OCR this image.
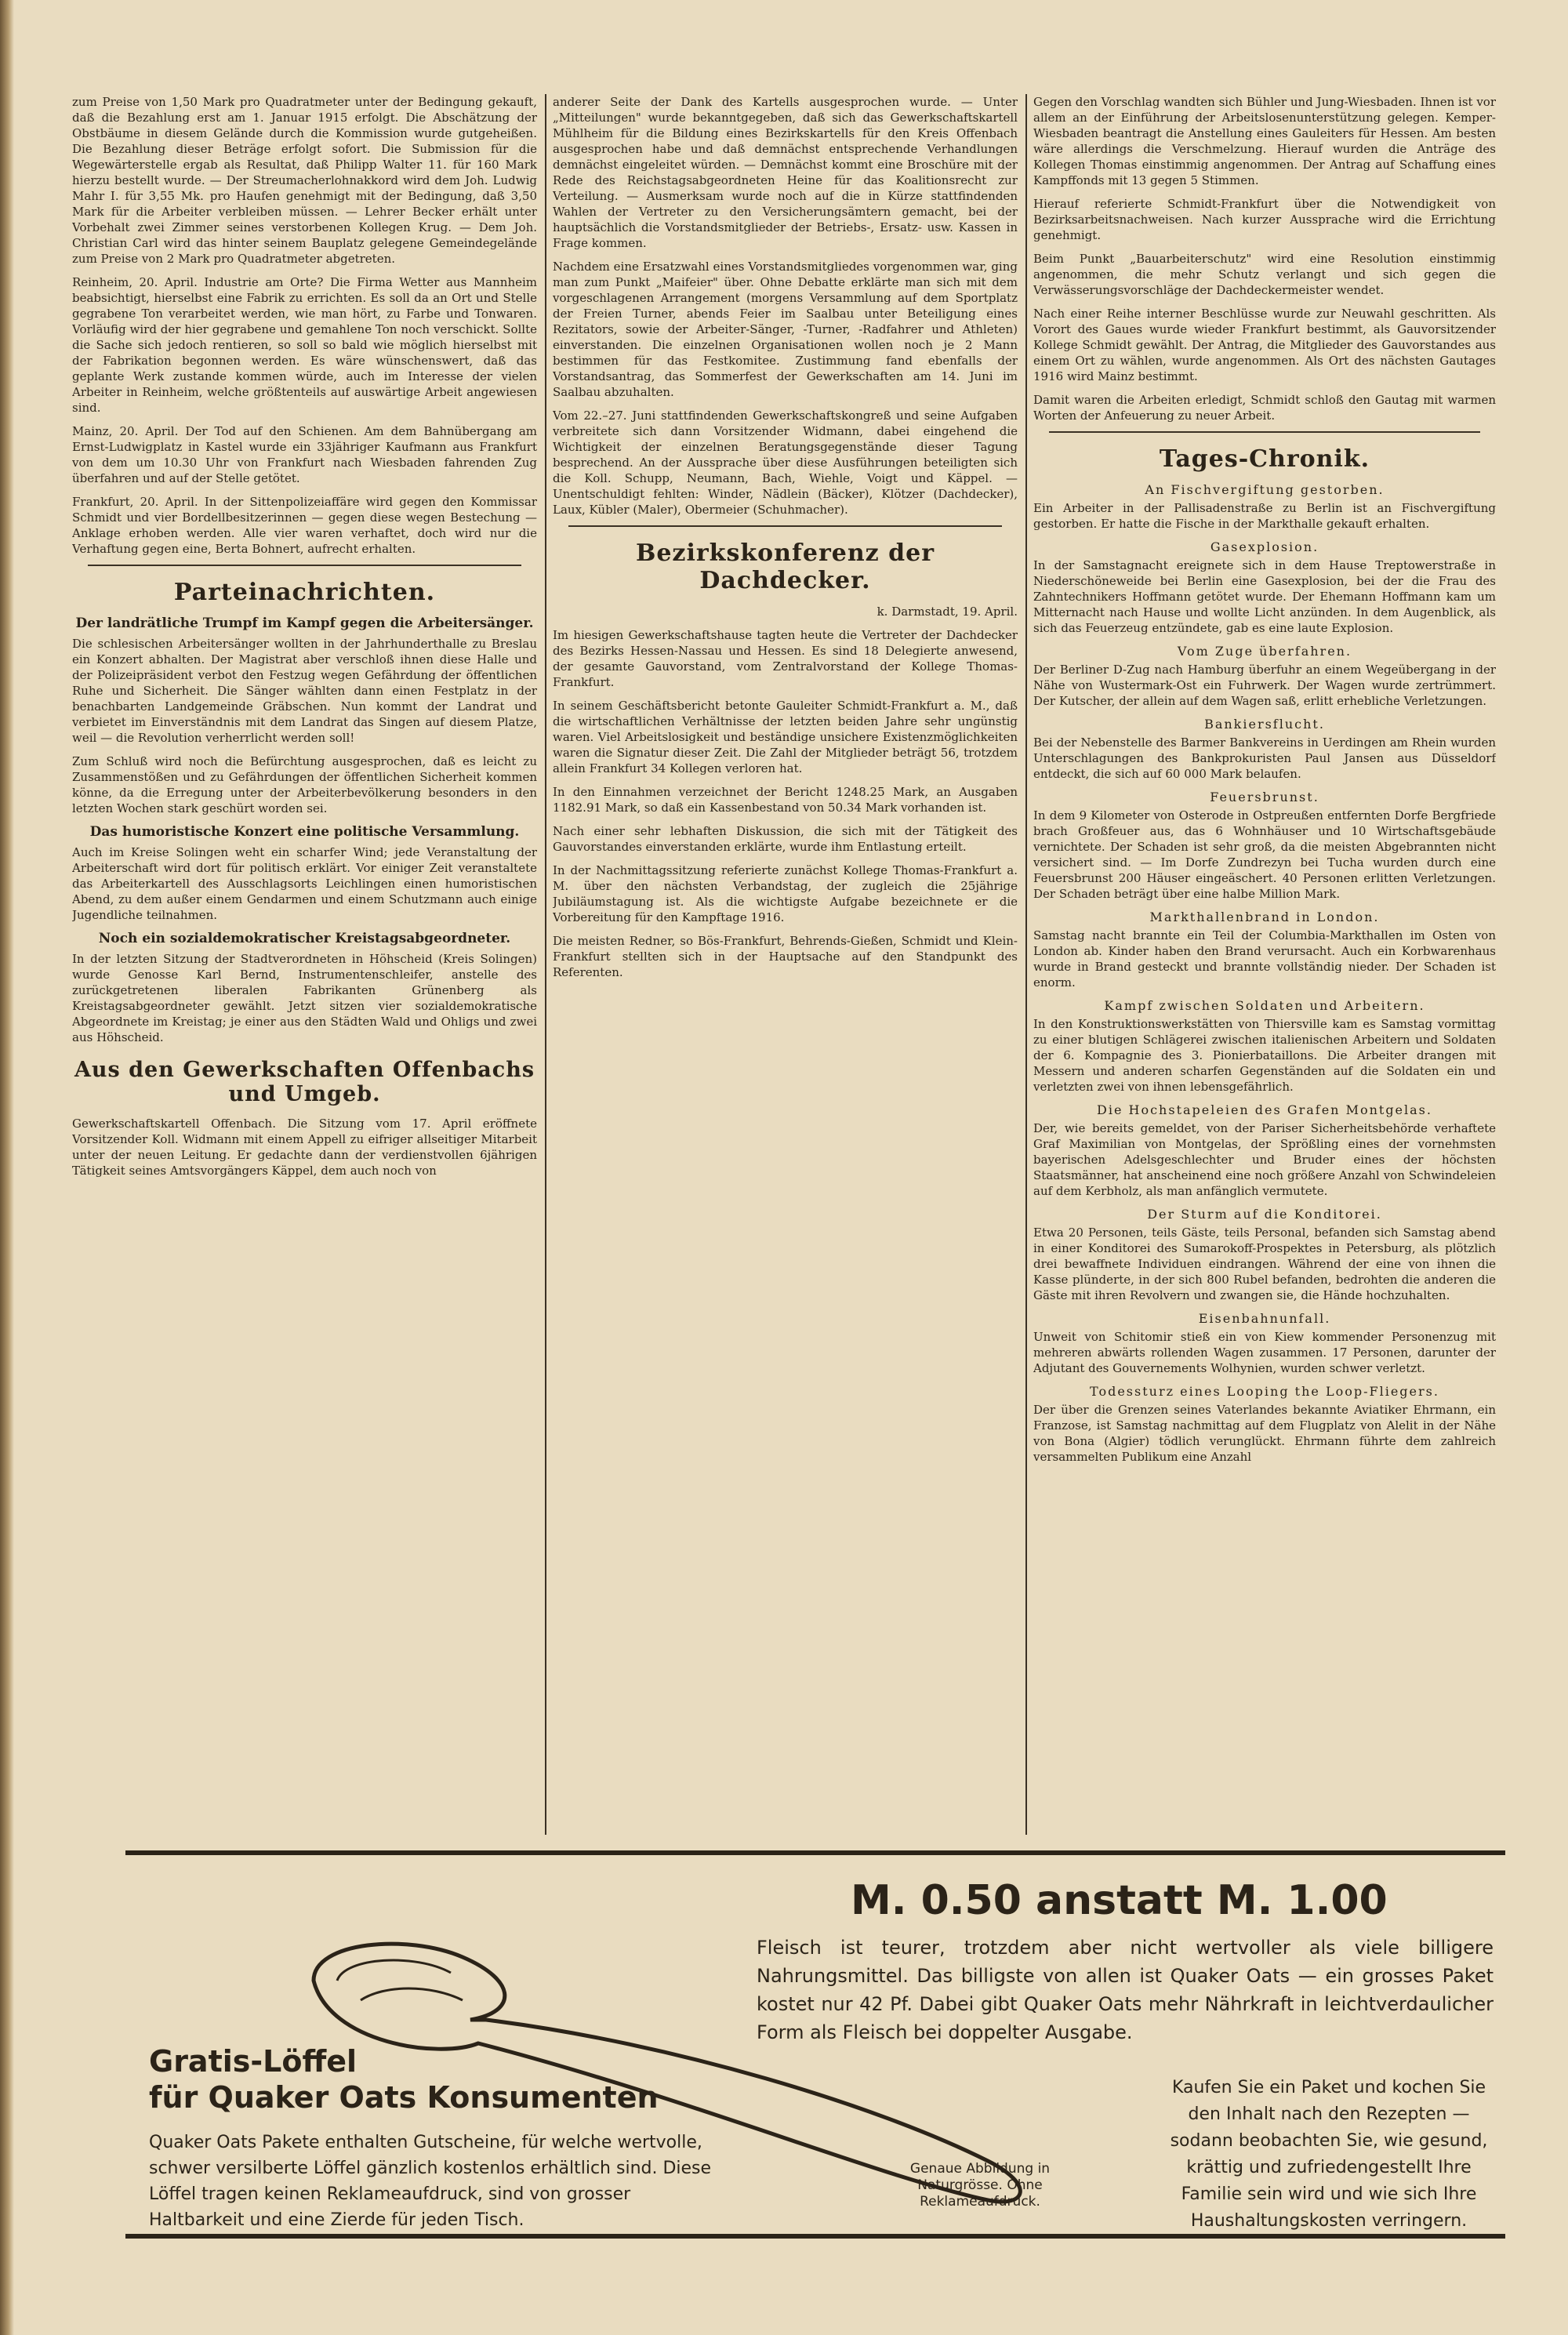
zum Preise von 1,50 Mark pro Quadratmeter unter der Bedingung gekauft, daß die Bezahlung erst am 1. Januar 1915 erfolgt. Die Abschätzung der Obstbäume in diesem Gelände durch die Kommission wurde gutgeheißen. Die Bezahlung dieser Beträge erfolgt sofort. Die Submission für die Wegewärterstelle ergab als Resultat, daß Philipp Walter 11. für 160 Mark hierzu bestellt wurde. — Der Streumacherlohnakkord wird dem Joh. Ludwig Mahr I. für 3,55 Mk. pro Haufen genehmigt mit der Bedingung, daß 3,50 Mark für die Arbeiter verbleiben müssen. — Lehrer Becker erhält unter Vorbehalt zwei Zimmer seines verstorbenen Kollegen Krug. — Dem Joh. Christian Carl wird das hinter seinem Bauplatz gelegene Gemeindegelände zum Preise von 2 Mark pro Quadratmeter abgetreten.

Reinheim, 20. April. Industrie am Orte? Die Firma Wetter aus Mannheim beabsichtigt, hierselbst eine Fabrik zu errichten. Es soll da an Ort und Stelle gegrabene Ton verarbeitet werden, wie man hört, zu Farbe und Tonwaren. Vorläufig wird der hier gegrabene und gemahlene Ton noch verschickt. Sollte die Sache sich jedoch rentieren, so soll so bald wie möglich hierselbst mit der Fabrikation begonnen werden. Es wäre wünschenswert, daß das geplante Werk zustande kommen würde, auch im Interesse der vielen Arbeiter in Reinheim, welche größtenteils auf auswärtige Arbeit angewiesen sind.

Mainz, 20. April. Der Tod auf den Schienen. Am dem Bahnübergang am Ernst-Ludwigplatz in Kastel wurde ein 33jähriger Kaufmann aus Frankfurt von dem um 10.30 Uhr von Frankfurt nach Wiesbaden fahrenden Zug überfahren und auf der Stelle getötet.

Frankfurt, 20. April. In der Sittenpolizeiaffäre wird gegen den Kommissar Schmidt und vier Bordellbesitzerinnen — gegen diese wegen Bestechung — Anklage erhoben werden. Alle vier waren verhaftet, doch wird nur die Verhaftung gegen eine, Berta Bohnert, aufrecht erhalten.

Parteinachrichten.
Der landrätliche Trumpf im Kampf gegen die Arbeitersänger.

Die schlesischen Arbeitersänger wollten in der Jahrhunderthalle zu Breslau ein Konzert abhalten. Der Magistrat aber verschloß ihnen diese Halle und der Polizeipräsident verbot den Festzug wegen Gefährdung der öffentlichen Ruhe und Sicherheit. Die Sänger wählten dann einen Festplatz in der benachbarten Landgemeinde Gräbschen. Nun kommt der Landrat und verbietet im Einverständnis mit dem Landrat das Singen auf diesem Platze, weil — die Revolution verherrlicht werden soll!

Zum Schluß wird noch die Befürchtung ausgesprochen, daß es leicht zu Zusammenstößen und zu Gefährdungen der öffentlichen Sicherheit kommen könne, da die Erregung unter der Arbeiterbevölkerung besonders in den letzten Wochen stark geschürt worden sei.

Das humoristische Konzert eine politische Versammlung.

Auch im Kreise Solingen weht ein scharfer Wind; jede Veranstaltung der Arbeiterschaft wird dort für politisch erklärt. Vor einiger Zeit veranstaltete das Arbeiterkartell des Ausschlagsorts Leichlingen einen humoristischen Abend, zu dem außer einem Gendarmen und einem Schutzmann auch einige Jugendliche teilnahmen.

Noch ein sozialdemokratischer Kreistagsabgeordneter.

In der letzten Sitzung der Stadtverordneten in Höhscheid (Kreis Solingen) wurde Genosse Karl Bernd, Instrumentenschleifer, anstelle des zurückgetretenen liberalen Fabrikanten Grünenberg als Kreistagsabgeordneter gewählt. Jetzt sitzen vier sozialdemokratische Abgeordnete im Kreistag; je einer aus den Städten Wald und Ohligs und zwei aus Höhscheid.

Aus den Gewerkschaften Offenbachs und Umgeb.

Gewerkschaftskartell Offenbach. Die Sitzung vom 17. April eröffnete Vorsitzender Koll. Widmann mit einem Appell zu eifriger allseitiger Mitarbeit unter der neuen Leitung. Er gedachte dann der verdienstvollen 6jährigen Tätigkeit seines Amtsvorgängers Käppel, dem auch noch von

anderer Seite der Dank des Kartells ausgesprochen wurde. — Unter „Mitteilungen" wurde bekanntgegeben, daß sich das Gewerkschaftskartell Mühlheim für die Bildung eines Bezirkskartells für den Kreis Offenbach ausgesprochen habe und daß demnächst entsprechende Verhandlungen demnächst eingeleitet würden. — Demnächst kommt eine Broschüre mit der Rede des Reichstagsabgeordneten Heine für das Koalitionsrecht zur Verteilung. — Ausmerksam wurde noch auf die in Kürze stattfindenden Wahlen der Vertreter zu den Versicherungsämtern gemacht, bei der hauptsächlich die Vorstandsmitglieder der Betriebs-, Ersatz- usw. Kassen in Frage kommen.

Nachdem eine Ersatzwahl eines Vorstandsmitgliedes vorgenommen war, ging man zum Punkt „Maifeier" über. Ohne Debatte erklärte man sich mit dem vorgeschlagenen Arrangement (morgens Versammlung auf dem Sportplatz der Freien Turner, abends Feier im Saalbau unter Beteiligung eines Rezitators, sowie der Arbeiter-Sänger, -Turner, -Radfahrer und Athleten) einverstanden. Die einzelnen Organisationen wollen noch je 2 Mann bestimmen für das Festkomitee. Zustimmung fand ebenfalls der Vorstandsantrag, das Sommerfest der Gewerkschaften am 14. Juni im Saalbau abzuhalten.

Vom 22.–27. Juni stattfindenden Gewerkschaftskongreß und seine Aufgaben verbreitete sich dann Vorsitzender Widmann, dabei eingehend die Wichtigkeit der einzelnen Beratungsgegenstände dieser Tagung besprechend. An der Aussprache über diese Ausführungen beteiligten sich die Koll. Schupp, Neumann, Bach, Wiehle, Voigt und Käppel. — Unentschuldigt fehlten: Winder, Nädlein (Bäcker), Klötzer (Dachdecker), Laux, Kübler (Maler), Obermeier (Schuhmacher).

Bezirkskonferenz der Dachdecker.

k. Darmstadt, 19. April.

Im hiesigen Gewerkschaftshause tagten heute die Vertreter der Dachdecker des Bezirks Hessen-Nassau und Hessen. Es sind 18 Delegierte anwesend, der gesamte Gauvorstand, vom Zentralvorstand der Kollege Thomas-Frankfurt.

In seinem Geschäftsbericht betonte Gauleiter Schmidt-Frankfurt a. M., daß die wirtschaftlichen Verhältnisse der letzten beiden Jahre sehr ungünstig waren. Viel Arbeitslosigkeit und beständige unsichere Existenzmöglichkeiten waren die Signatur dieser Zeit. Die Zahl der Mitglieder beträgt 56, trotzdem allein Frankfurt 34 Kollegen verloren hat.

In den Einnahmen verzeichnet der Bericht 1248.25 Mark, an Ausgaben 1182.91 Mark, so daß ein Kassenbestand von 50.34 Mark vorhanden ist.

Nach einer sehr lebhaften Diskussion, die sich mit der Tätigkeit des Gauvorstandes einverstanden erklärte, wurde ihm Entlastung erteilt.

In der Nachmittagssitzung referierte zunächst Kollege Thomas-Frankfurt a. M. über den nächsten Verbandstag, der zugleich die 25jährige Jubiläumstagung ist. Als die wichtigste Aufgabe bezeichnete er die Vorbereitung für den Kampftage 1916.

Die meisten Redner, so Bös-Frankfurt, Behrends-Gießen, Schmidt und Klein-Frankfurt stellten sich in der Hauptsache auf den Standpunkt des Referenten.

Gegen den Vorschlag wandten sich Bühler und Jung-Wiesbaden. Ihnen ist vor allem an der Einführung der Arbeitslosenunterstützung gelegen. Kemper-Wiesbaden beantragt die Anstellung eines Gauleiters für Hessen. Am besten wäre allerdings die Verschmelzung. Hierauf wurden die Anträge des Kollegen Thomas einstimmig angenommen. Der Antrag auf Schaffung eines Kampffonds mit 13 gegen 5 Stimmen.

Hierauf referierte Schmidt-Frankfurt über die Notwendigkeit von Bezirksarbeitsnachweisen. Nach kurzer Aussprache wird die Errichtung genehmigt.

Beim Punkt „Bauarbeiterschutz" wird eine Resolution einstimmig angenommen, die mehr Schutz verlangt und sich gegen die Verwässerungsvorschläge der Dachdeckermeister wendet.

Nach einer Reihe interner Beschlüsse wurde zur Neuwahl geschritten. Als Vorort des Gaues wurde wieder Frankfurt bestimmt, als Gauvorsitzender Kollege Schmidt gewählt. Der Antrag, die Mitglieder des Gauvorstandes aus einem Ort zu wählen, wurde angenommen. Als Ort des nächsten Gautages 1916 wird Mainz bestimmt.

Damit waren die Arbeiten erledigt, Schmidt schloß den Gautag mit warmen Worten der Anfeuerung zu neuer Arbeit.

Tages-Chronik.
An Fischvergiftung gestorben.

Ein Arbeiter in der Pallisadenstraße zu Berlin ist an Fischvergiftung gestorben. Er hatte die Fische in der Markthalle gekauft erhalten.

Gasexplosion.

In der Samstagnacht ereignete sich in dem Hause Treptowerstraße in Niederschöneweide bei Berlin eine Gasexplosion, bei der die Frau des Zahntechnikers Hoffmann getötet wurde. Der Ehemann Hoffmann kam um Mitternacht nach Hause und wollte Licht anzünden. In dem Augenblick, als sich das Feuerzeug entzündete, gab es eine laute Explosion.

Vom Zuge überfahren.

Der Berliner D-Zug nach Hamburg überfuhr an einem Wegeübergang in der Nähe von Wustermark-Ost ein Fuhrwerk. Der Wagen wurde zertrümmert. Der Kutscher, der allein auf dem Wagen saß, erlitt erhebliche Verletzungen.

Bankiersflucht.

Bei der Nebenstelle des Barmer Bankvereins in Uerdingen am Rhein wurden Unterschlagungen des Bankprokuristen Paul Jansen aus Düsseldorf entdeckt, die sich auf 60 000 Mark belaufen.

Feuersbrunst.

In dem 9 Kilometer von Osterode in Ostpreußen entfernten Dorfe Bergfriede brach Großfeuer aus, das 6 Wohnhäuser und 10 Wirtschaftsgebäude vernichtete. Der Schaden ist sehr groß, da die meisten Abgebrannten nicht versichert sind. — Im Dorfe Zundrezyn bei Tucha wurden durch eine Feuersbrunst 200 Häuser eingeäschert. 40 Personen erlitten Verletzungen. Der Schaden beträgt über eine halbe Million Mark.

Markthallenbrand in London.

Samstag nacht brannte ein Teil der Columbia-Markthallen im Osten von London ab. Kinder haben den Brand verursacht. Auch ein Korbwarenhaus wurde in Brand gesteckt und brannte vollständig nieder. Der Schaden ist enorm.

Kampf zwischen Soldaten und Arbeitern.

In den Konstruktionswerkstätten von Thiersville kam es Samstag vormittag zu einer blutigen Schlägerei zwischen italienischen Arbeitern und Soldaten der 6. Kompagnie des 3. Pionierbataillons. Die Arbeiter drangen mit Messern und anderen scharfen Gegenständen auf die Soldaten ein und verletzten zwei von ihnen lebensgefährlich.

Die Hochstapeleien des Grafen Montgelas.

Der, wie bereits gemeldet, von der Pariser Sicherheitsbehörde verhaftete Graf Maximilian von Montgelas, der Sprößling eines der vornehmsten bayerischen Adelsgeschlechter und Bruder eines der höchsten Staatsmänner, hat anscheinend eine noch größere Anzahl von Schwindeleien auf dem Kerbholz, als man anfänglich vermutete.

Der Sturm auf die Konditorei.

Etwa 20 Personen, teils Gäste, teils Personal, befanden sich Samstag abend in einer Konditorei des Sumarokoff-Prospektes in Petersburg, als plötzlich drei bewaffnete Individuen eindrangen. Während der eine von ihnen die Kasse plünderte, in der sich 800 Rubel befanden, bedrohten die anderen die Gäste mit ihren Revolvern und zwangen sie, die Hände hochzuhalten.

Eisenbahnunfall.

Unweit von Schitomir stieß ein von Kiew kommender Personenzug mit mehreren abwärts rollenden Wagen zusammen. 17 Personen, darunter der Adjutant des Gouvernements Wolhynien, wurden schwer verletzt.

Todessturz eines Looping the Loop-Fliegers.

Der über die Grenzen seines Vaterlandes bekannte Aviatiker Ehrmann, ein Franzose, ist Samstag nachmittag auf dem Flugplatz von Alelit in der Nähe von Bona (Algier) tödlich verunglückt. Ehrmann führte dem zahlreich versammelten Publikum eine Anzahl

M. 0.50 anstatt M. 1.00
Fleisch ist teurer, trotzdem aber nicht wertvoller als viele billigere Nahrungsmittel. Das billigste von allen ist Quaker Oats — ein grosses Paket kostet nur 42 Pf. Dabei gibt Quaker Oats mehr Nährkraft in leichtverdaulicher Form als Fleisch bei doppelter Ausgabe.
Gratis-Löffel
für Quaker Oats Konsumenten
Quaker Oats Pakete enthalten Gutscheine, für welche wertvolle, schwer versilberte Löffel gänzlich kostenlos erhältlich sind. Diese Löffel tragen keinen Reklameaufdruck, sind von grosser Haltbarkeit und eine Zierde für jeden Tisch.
Genaue Abbildung in Naturgrösse. Ohne Reklameaufdruck.
Kaufen Sie ein Paket und kochen Sie den Inhalt nach den Rezepten — sodann beobachten Sie, wie gesund, krättig und zufriedengestellt Ihre Familie sein wird und wie sich Ihre Haushaltungskosten verringern.
